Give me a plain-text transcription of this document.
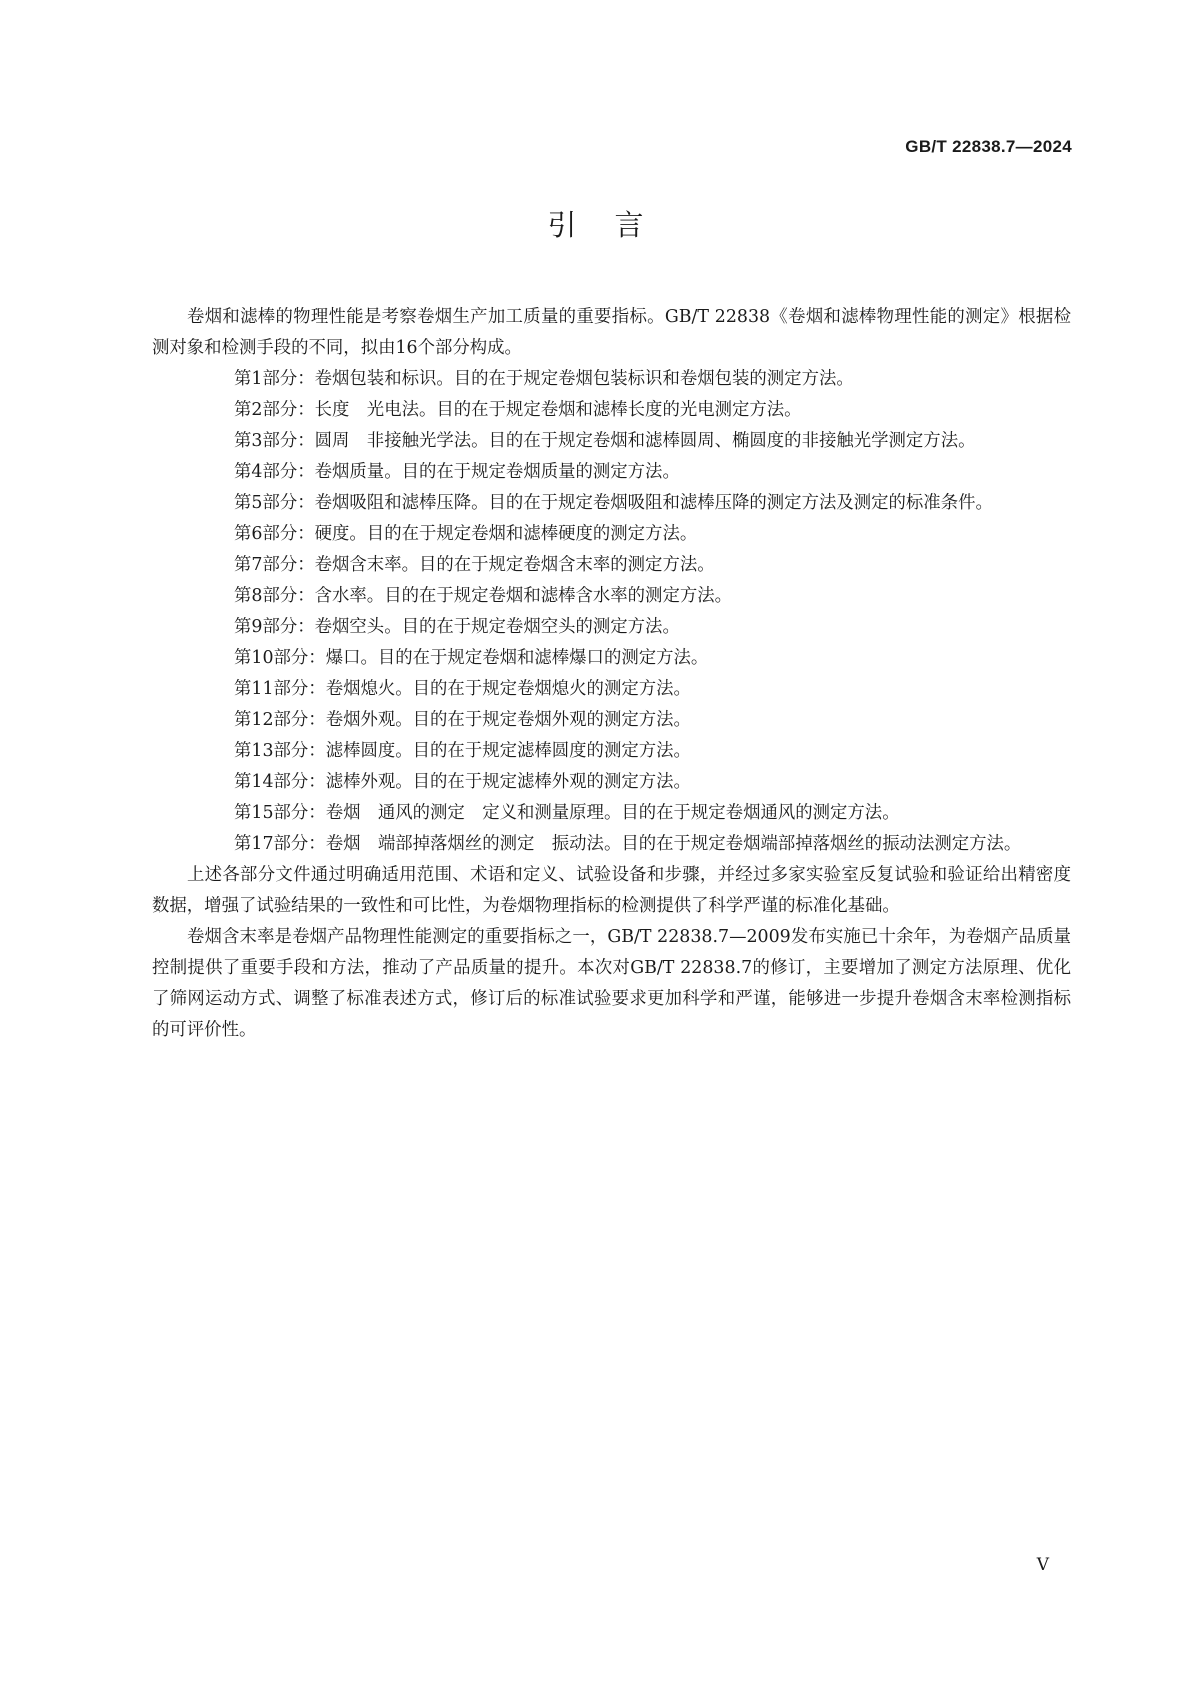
GB/T 22838.7—2024
引言

卷烟和滤棒的物理性能是考察卷烟生产加工质量的重要指标。GB/T 22838《卷烟和滤棒物理性能的测定》根据检测对象和检测手段的不同，拟由16个部分构成。

第1部分：卷烟包装和标识。目的在于规定卷烟包装标识和卷烟包装的测定方法。
第2部分：长度　光电法。目的在于规定卷烟和滤棒长度的光电测定方法。
第3部分：圆周　非接触光学法。目的在于规定卷烟和滤棒圆周、椭圆度的非接触光学测定方法。
第4部分：卷烟质量。目的在于规定卷烟质量的测定方法。
第5部分：卷烟吸阻和滤棒压降。目的在于规定卷烟吸阻和滤棒压降的测定方法及测定的标准条件。
第6部分：硬度。目的在于规定卷烟和滤棒硬度的测定方法。
第7部分：卷烟含末率。目的在于规定卷烟含末率的测定方法。
第8部分：含水率。目的在于规定卷烟和滤棒含水率的测定方法。
第9部分：卷烟空头。目的在于规定卷烟空头的测定方法。
第10部分：爆口。目的在于规定卷烟和滤棒爆口的测定方法。
第11部分：卷烟熄火。目的在于规定卷烟熄火的测定方法。
第12部分：卷烟外观。目的在于规定卷烟外观的测定方法。
第13部分：滤棒圆度。目的在于规定滤棒圆度的测定方法。
第14部分：滤棒外观。目的在于规定滤棒外观的测定方法。
第15部分：卷烟　通风的测定　定义和测量原理。目的在于规定卷烟通风的测定方法。
第17部分：卷烟　端部掉落烟丝的测定　振动法。目的在于规定卷烟端部掉落烟丝的振动法测定方法。

上述各部分文件通过明确适用范围、术语和定义、试验设备和步骤，并经过多家实验室反复试验和验证给出精密度数据，增强了试验结果的一致性和可比性，为卷烟物理指标的检测提供了科学严谨的标准化基础。

卷烟含末率是卷烟产品物理性能测定的重要指标之一，GB/T 22838.7—2009发布实施已十余年，为卷烟产品质量控制提供了重要手段和方法，推动了产品质量的提升。本次对GB/T 22838.7的修订，主要增加了测定方法原理、优化了筛网运动方式、调整了标准表述方式，修订后的标准试验要求更加科学和严谨，能够进一步提升卷烟含末率检测指标的可评价性。

V
